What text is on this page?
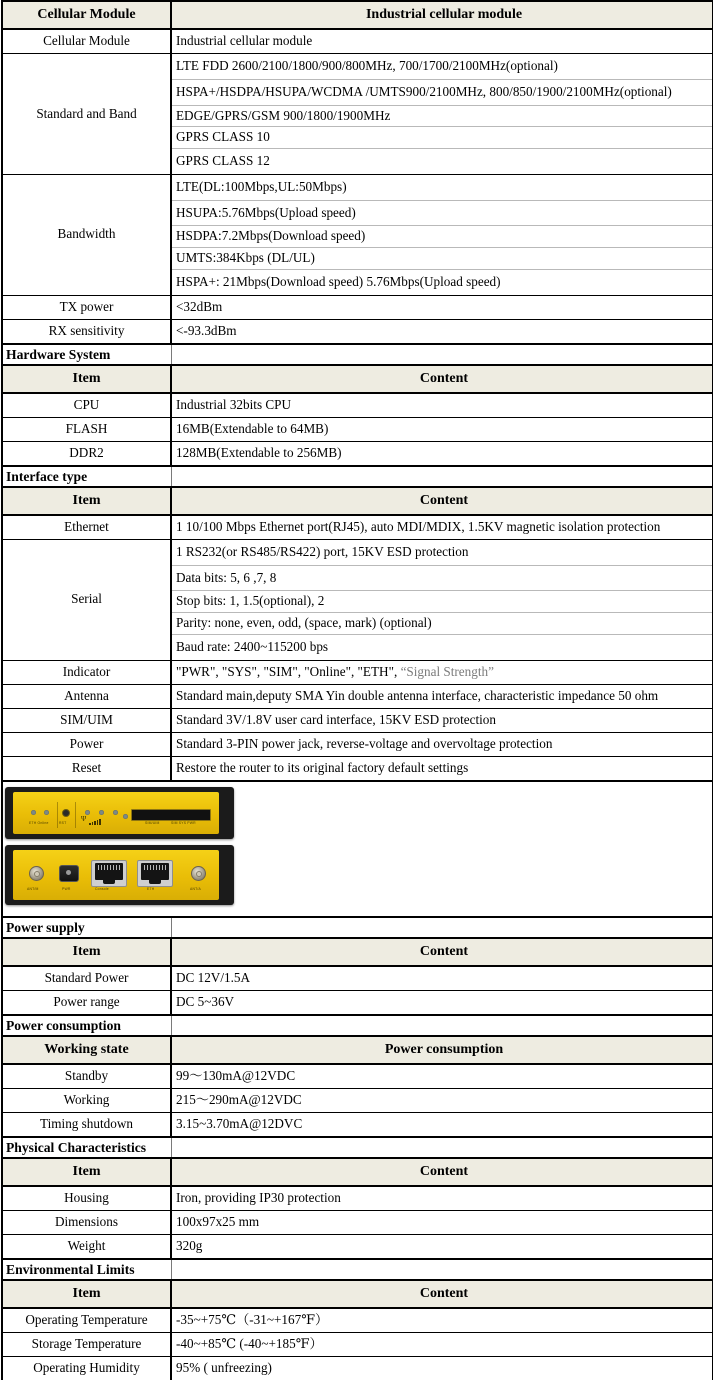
Cellular Module	Industrial cellular module
Cellular Module	Industrial cellular module
Standard and Band	LTE FDD 2600/2100/1800/900/800MHz, 700/1700/2100MHz(optional)
HSPA+/HSDPA/HSUPA/WCDMA /UMTS900/2100MHz, 800/850/1900/2100MHz(optional)
EDGE/GPRS/GSM 900/1800/1900MHz
GPRS CLASS 10
GPRS CLASS 12

Bandwidth	LTE(DL:100Mbps,UL:50Mbps)
HSUPA:5.76Mbps(Upload speed)
HSDPA:7.2Mbps(Download speed)
UMTS:384Kbps (DL/UL)
HSPA+: 21Mbps(Download speed) 5.76Mbps(Upload speed)

TX power	<32dBm
RX sensitivity	<-93.3dBm
Hardware System	
Item	Content
CPU	Industrial 32bits CPU
FLASH	16MB(Extendable to 64MB)
DDR2	128MB(Extendable to 256MB)
Interface type	
Item	Content
Ethernet	1 10/100 Mbps Ethernet port(RJ45), auto MDI/MDIX, 1.5KV magnetic isolation protection
Serial	1 RS232(or RS485/RS422) port, 15KV ESD protection
Data bits: 5, 6 ,7, 8
Stop bits: 1, 1.5(optional), 2
Parity: none, even, odd, (space, mark) (optional)
Baud rate: 2400~115200 bps

Indicator	"PWR", "SYS", "SIM", "Online", "ETH", “Signal Strength”
Antenna	Standard main,deputy SMA Yin double antenna interface, characteristic impedance 50 ohm
SIM/UIM	Standard 3V/1.8V user card interface, 15KV ESD protection
Power	Standard 3-PIN power jack, reverse-voltage and overvoltage protection
Reset	Restore the router to its original factory default settings

Ψ
ETH Online	RST	SIM/UIM	SIM SYS PWR
ANT/M	PWR	Console	ETH	ANT/A

Power supply	
Item	Content
Standard Power	DC 12V/1.5A
Power range	DC 5~36V
Power consumption	
Working state	Power consumption
Standby	99～130mA@12VDC
Working	215～290mA@12VDC
Timing shutdown	3.15~3.70mA@12DVC
Physical Characteristics	
Item	Content
Housing	Iron, providing IP30 protection
Dimensions	100x97x25 mm
Weight	320g
Environmental Limits	
Item	Content
Operating Temperature	-35~+75℃（-31~+167℉）
Storage Temperature	-40~+85℃ (-40~+185℉）
Operating Humidity	95% ( unfreezing)
